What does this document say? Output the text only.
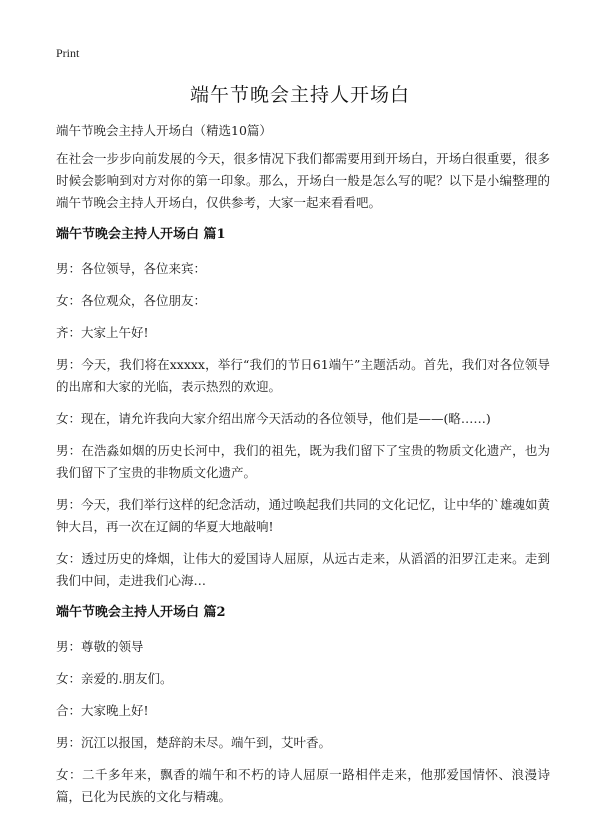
Print
端午节晚会主持人开场白

端午节晚会主持人开场白（精选10篇）

在社会一步步向前发展的今天，很多情况下我们都需要用到开场白，开场白很重要，很多时候会影响到对方对你的第一印象。那么，开场白一般是怎么写的呢？以下是小编整理的端午节晚会主持人开场白，仅供参考，大家一起来看看吧。

端午节晚会主持人开场白 篇1

男：各位领导，各位来宾：

女：各位观众，各位朋友：

齐：大家上午好!

男：今天，我们将在xxxxx，举行“我们的节日61端午”主题活动。首先，我们对各位领导的出席和大家的光临，表示热烈的欢迎。

女：现在，请允许我向大家介绍出席今天活动的各位领导，他们是——(略……)

男：在浩淼如烟的历史长河中，我们的祖先，既为我们留下了宝贵的物质文化遗产，也为我们留下了宝贵的非物质文化遗产。

男：今天，我们举行这样的纪念活动，通过唤起我们共同的文化记忆，让中华的`雄魂如黄钟大吕，再一次在辽阔的华夏大地敲响!

女：透过历史的烽烟，让伟大的爱国诗人屈原，从远古走来，从滔滔的汨罗江走来。走到我们中间，走进我们心海…

端午节晚会主持人开场白 篇2

男：尊敬的领导

女：亲爱的.朋友们。

合：大家晚上好!

男：沉江以报国，楚辞韵未尽。端午到，艾叶香。

女：二千多年来，飘香的端午和不朽的诗人屈原一路相伴走来，他那爱国情怀、浪漫诗篇，已化为民族的文化与精魂。
